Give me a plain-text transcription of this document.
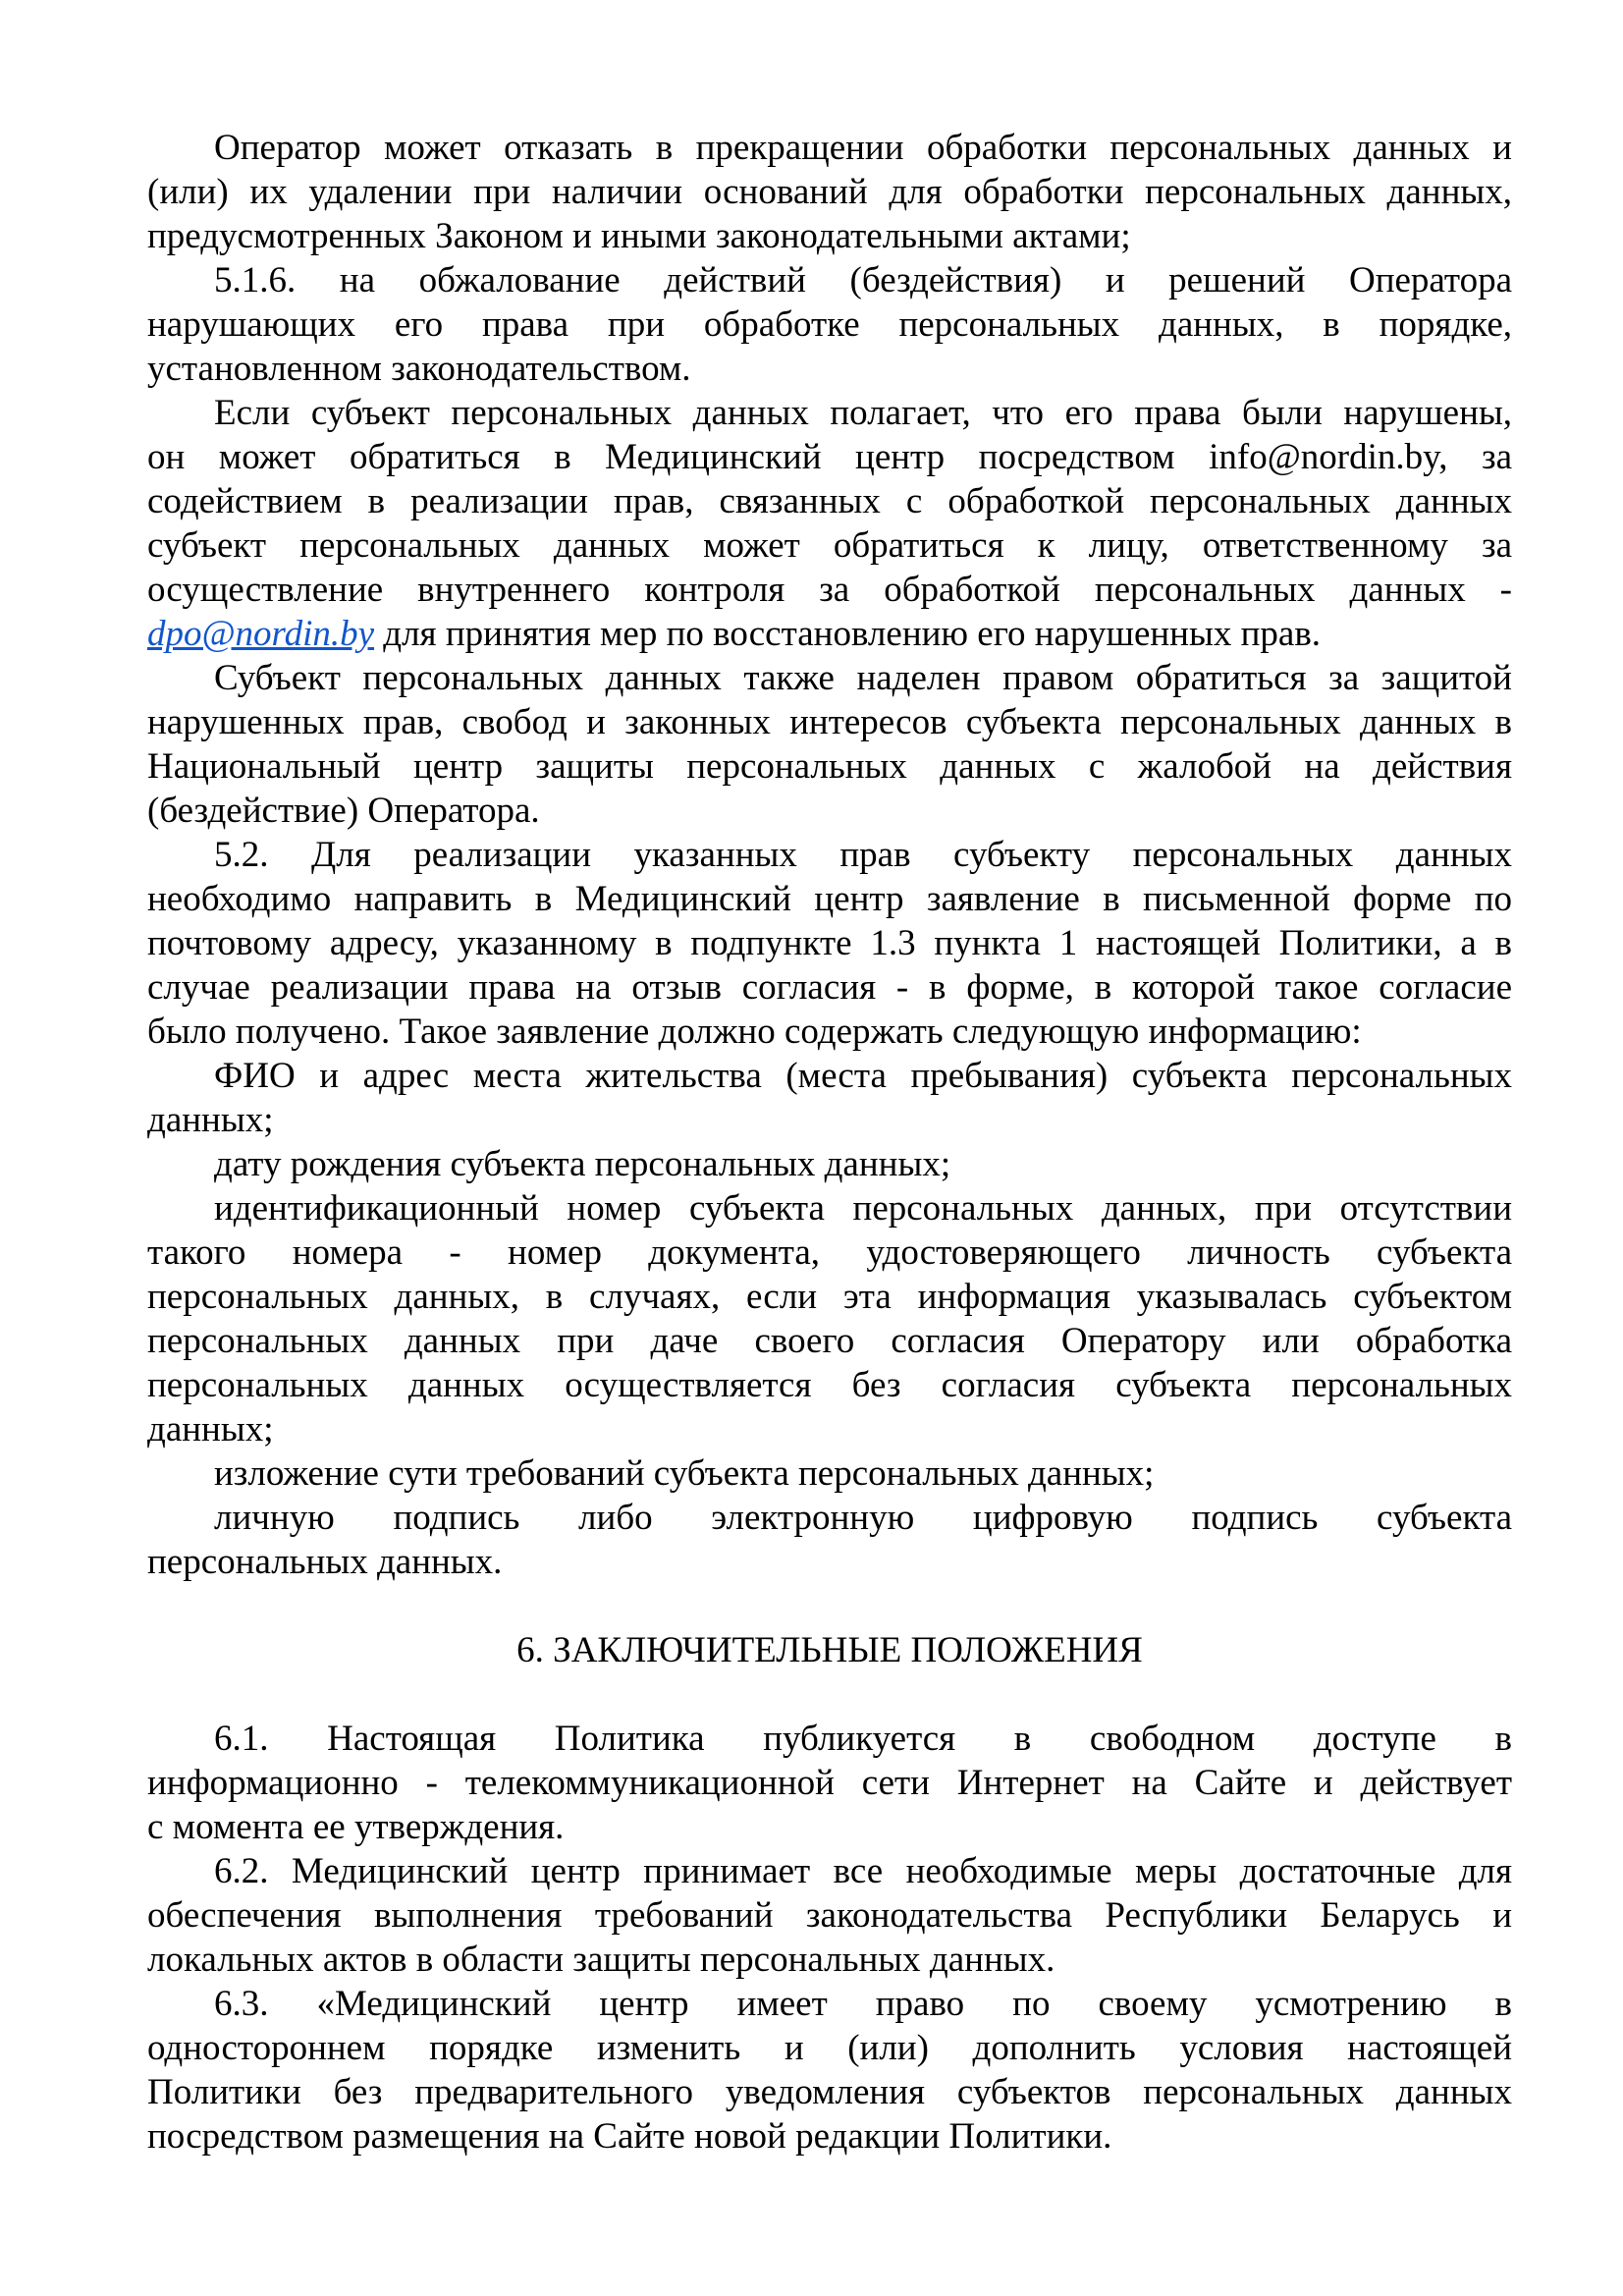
Оператор может отказать в прекращении обработки персональных данных и
(или) их удалении при наличии оснований для обработки персональных данных,
предусмотренных Законом и иными законодательными актами;
5.1.6. на обжалование действий (бездействия) и решений Оператора
нарушающих его права при обработке персональных данных, в порядке,
установленном законодательством.
Если субъект персональных данных полагает, что его права были нарушены,
он может обратиться в Медицинский центр посредством info@nordin.by, за
содействием в реализации прав, связанных с обработкой персональных данных
субъект персональных данных может обратиться к лицу, ответственному за
осуществление внутреннего контроля за обработкой персональных данных -
dpo@nordin.by для принятия мер по восстановлению его нарушенных прав.
Субъект персональных данных также наделен правом обратиться за защитой
нарушенных прав, свобод и законных интересов субъекта персональных данных в
Национальный центр защиты персональных данных с жалобой на действия
(бездействие) Оператора.
5.2. Для реализации указанных прав субъекту персональных данных
необходимо направить в Медицинский центр заявление в письменной форме по
почтовому адресу, указанному в подпункте 1.3 пункта 1 настоящей Политики, а в
случае реализации права на отзыв согласия - в форме, в которой такое согласие
было получено. Такое заявление должно содержать следующую информацию:
ФИО и адрес места жительства (места пребывания) субъекта персональных
данных;
дату рождения субъекта персональных данных;
идентификационный номер субъекта персональных данных, при отсутствии
такого номера - номер документа, удостоверяющего личность субъекта
персональных данных, в случаях, если эта информация указывалась субъектом
персональных данных при даче своего согласия Оператору или обработка
персональных данных осуществляется без согласия субъекта персональных
данных;
изложение сути требований субъекта персональных данных;
личную подпись либо электронную цифровую подпись субъекта
персональных данных.
6. ЗАКЛЮЧИТЕЛЬНЫЕ ПОЛОЖЕНИЯ
6.1. Настоящая Политика публикуется в свободном доступе в
информационно - телекоммуникационной сети Интернет на Сайте и действует
с момента ее утверждения.
6.2. Медицинский центр принимает все необходимые меры достаточные для
обеспечения выполнения требований законодательства Республики Беларусь и
локальных актов в области защиты персональных данных.
6.3. «Медицинский центр имеет право по своему усмотрению в
одностороннем порядке изменить и (или) дополнить условия настоящей
Политики без предварительного уведомления субъектов персональных данных
посредством размещения на Сайте новой редакции Политики.
